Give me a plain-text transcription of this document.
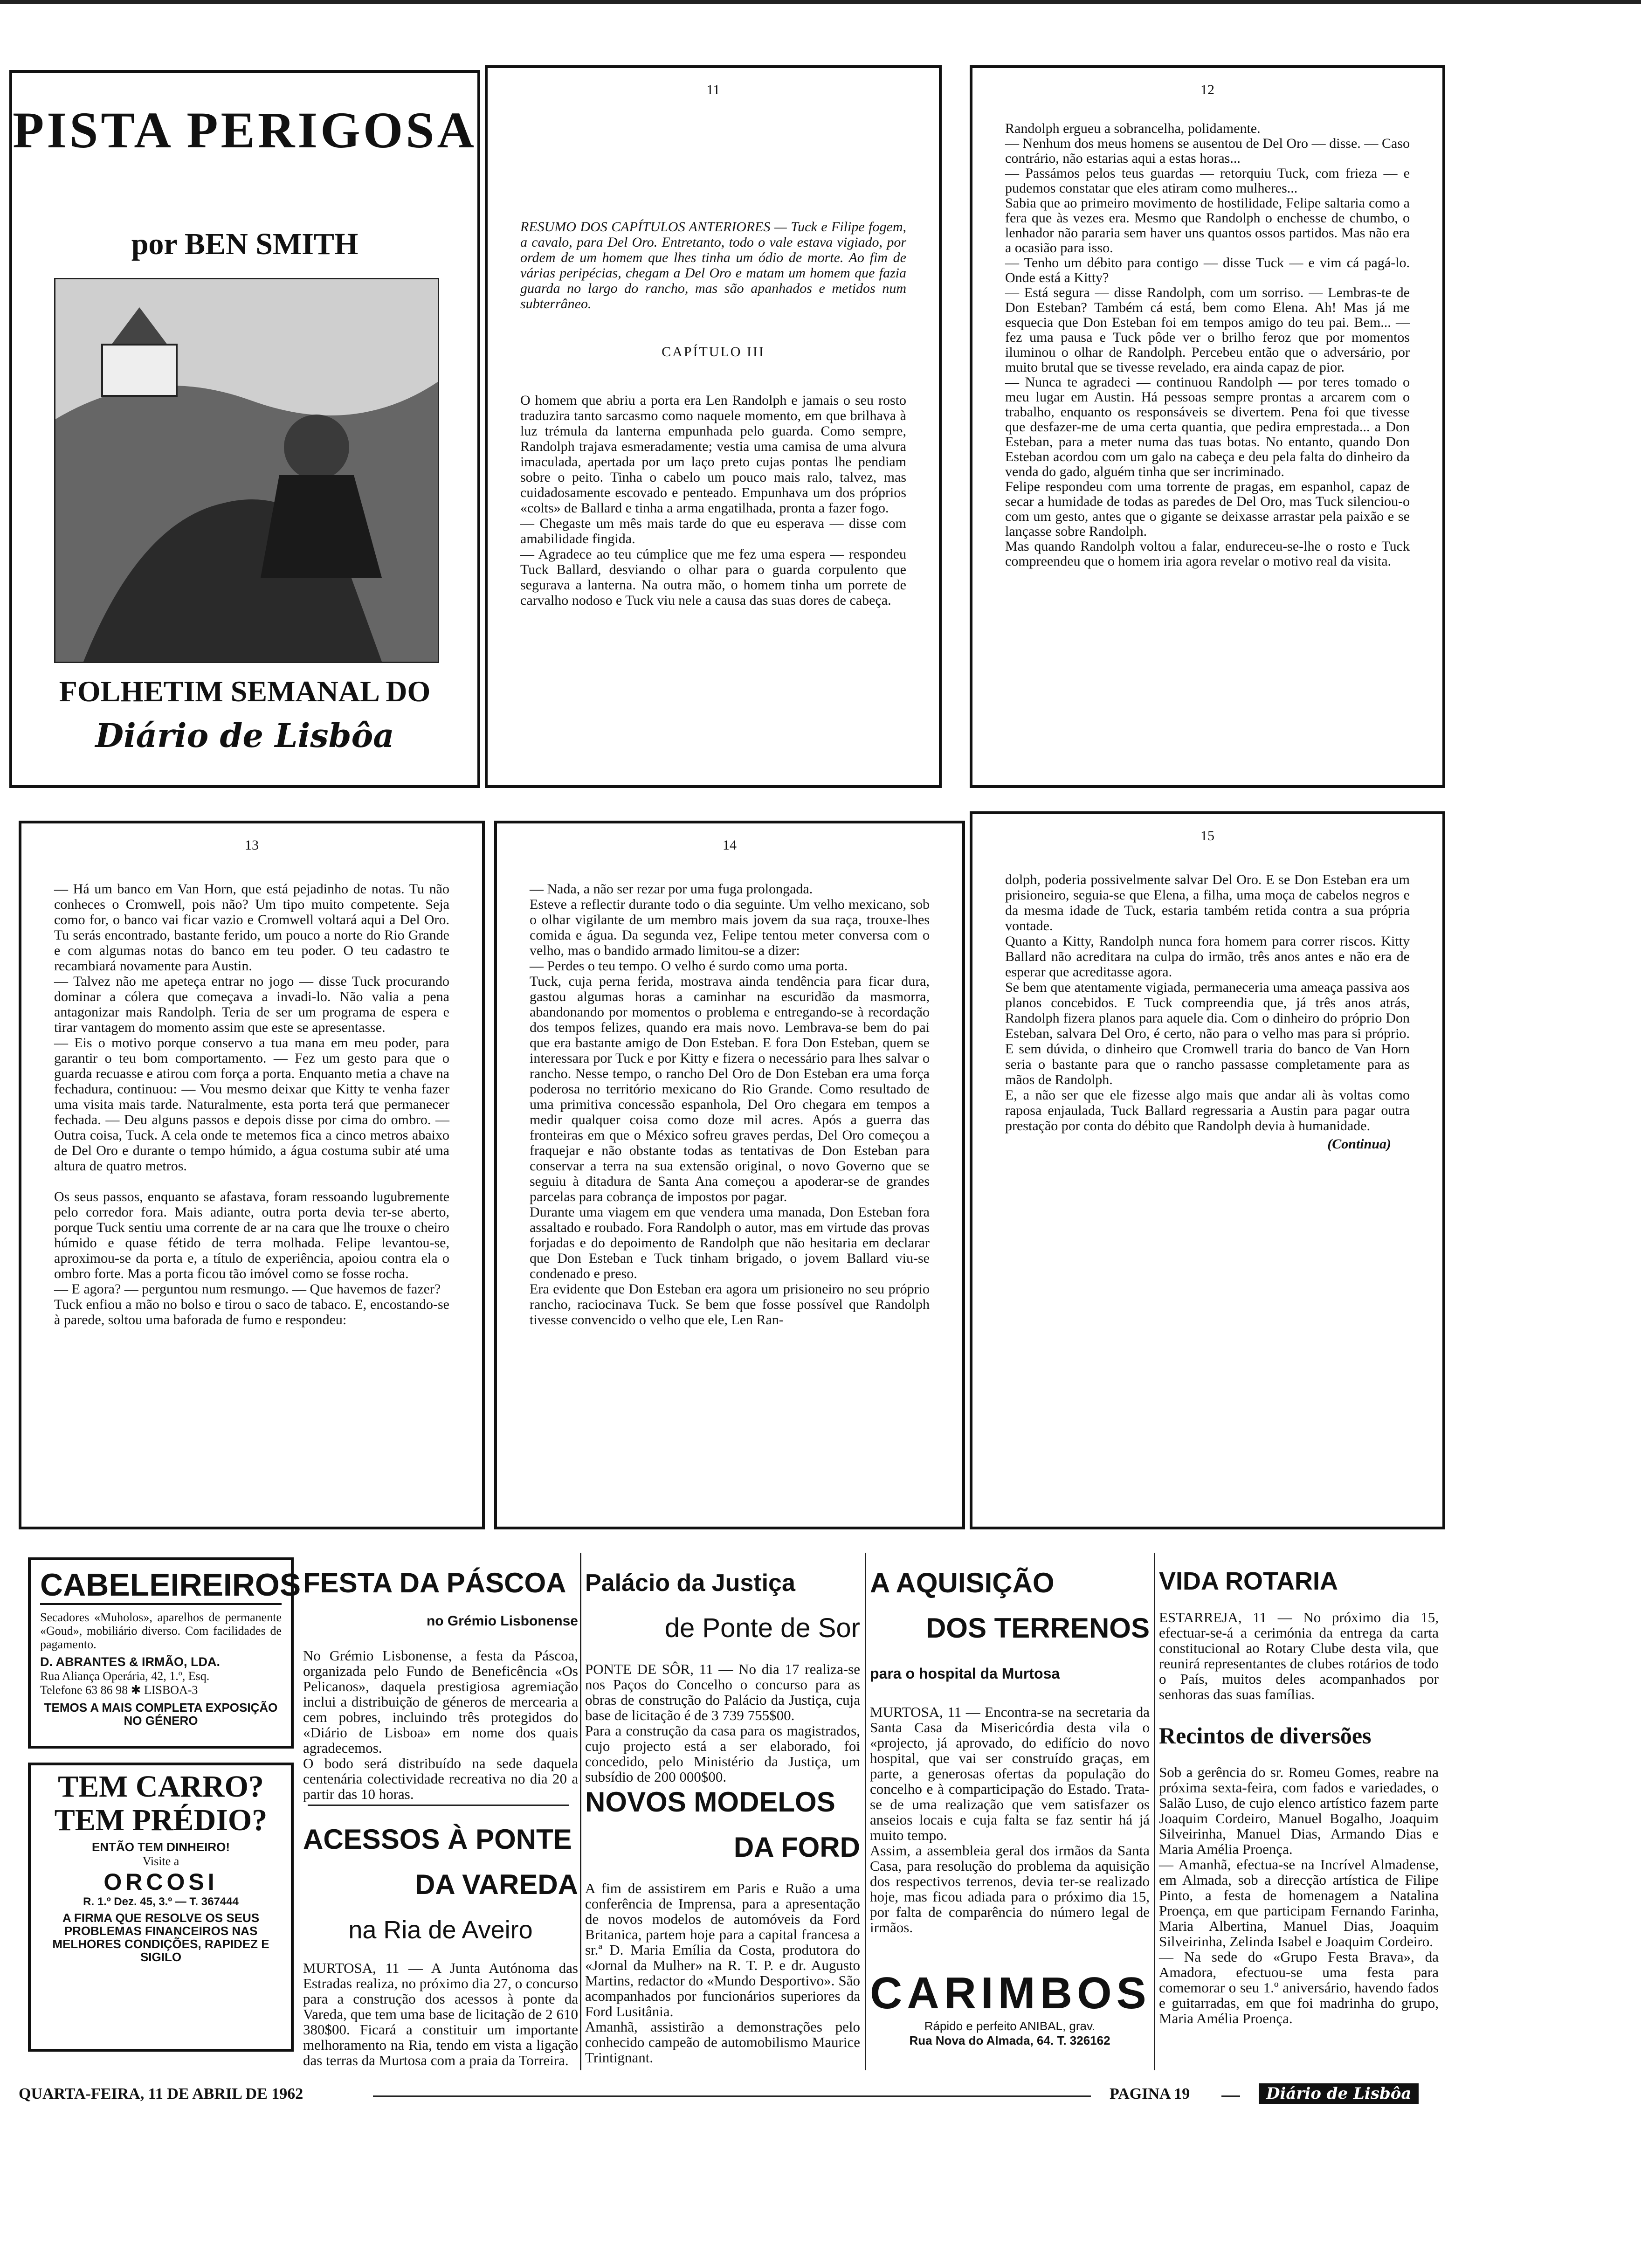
PISTA PERIGOSA
por BEN SMITH
FOLHETIM SEMANAL DO
Diário de Lisbôa
11
RESUMO DOS CAPÍTULOS ANTERIORES — Tuck e Filipe fogem, a cavalo, para Del Oro. Entretanto, todo o vale estava vigiado, por ordem de um homem que lhes tinha um ódio de morte. Ao fim de várias peripécias, chegam a Del Oro e matam um homem que fazia guarda no largo do rancho, mas são apanhados e metidos num subterrâneo.
CAPÍTULO III
O homem que abriu a porta era Len Randolph e jamais o seu rosto traduzira tanto sarcasmo como naquele momento, em que brilhava à luz trémula da lanterna empunhada pelo guarda. Como sempre, Randolph trajava esmeradamente; vestia uma camisa de uma alvura imaculada, apertada por um laço preto cujas pontas lhe pendiam sobre o peito. Tinha o cabelo um pouco mais ralo, talvez, mas cuidadosamente escovado e penteado. Empunhava um dos próprios «colts» de Ballard e tinha a arma engatilhada, pronta a fazer fogo.
— Chegaste um mês mais tarde do que eu esperava — disse com amabilidade fingida.
— Agradece ao teu cúmplice que me fez uma espera — respondeu Tuck Ballard, desviando o olhar para o guarda corpulento que segurava a lanterna. Na outra mão, o homem tinha um porrete de carvalho nodoso e Tuck viu nele a causa das suas dores de cabeça.
12
Randolph ergueu a sobrancelha, polidamente.
— Nenhum dos meus homens se ausentou de Del Oro — disse. — Caso contrário, não estarias aqui a estas horas...
— Passámos pelos teus guardas — retorquiu Tuck, com frieza — e pudemos constatar que eles atiram como mulheres...
Sabia que ao primeiro movimento de hostilidade, Felipe saltaria como a fera que às vezes era. Mesmo que Randolph o enchesse de chumbo, o lenhador não pararia sem haver uns quantos ossos partidos. Mas não era a ocasião para isso.
— Tenho um débito para contigo — disse Tuck — e vim cá pagá-lo. Onde está a Kitty?
— Está segura — disse Randolph, com um sorriso. — Lembras-te de Don Esteban? Também cá está, bem como Elena. Ah! Mas já me esquecia que Don Esteban foi em tempos amigo do teu pai. Bem... — fez uma pausa e Tuck pôde ver o brilho feroz que por momentos iluminou o olhar de Randolph. Percebeu então que o adversário, por muito brutal que se tivesse revelado, era ainda capaz de pior.
— Nunca te agradeci — continuou Randolph — por teres tomado o meu lugar em Austin. Há pessoas sempre prontas a arcarem com o trabalho, enquanto os responsáveis se divertem. Pena foi que tivesse que desfazer-me de uma certa quantia, que pedira emprestada... a Don Esteban, para a meter numa das tuas botas. No entanto, quando Don Esteban acordou com um galo na cabeça e deu pela falta do dinheiro da venda do gado, alguém tinha que ser incriminado.
Felipe respondeu com uma torrente de pragas, em espanhol, capaz de secar a humidade de todas as paredes de Del Oro, mas Tuck silenciou-o com um gesto, antes que o gigante se deixasse arrastar pela paixão e se lançasse sobre Randolph.
Mas quando Randolph voltou a falar, endureceu-se-lhe o rosto e Tuck compreendeu que o homem iria agora revelar o motivo real da visita.
13
— Há um banco em Van Horn, que está pejadinho de notas. Tu não conheces o Cromwell, pois não? Um tipo muito competente. Seja como for, o banco vai ficar vazio e Cromwell voltará aqui a Del Oro. Tu serás encontrado, bastante ferido, um pouco a norte do Rio Grande e com algumas notas do banco em teu poder. O teu cadastro te recambiará novamente para Austin.
— Talvez não me apeteça entrar no jogo — disse Tuck procurando dominar a cólera que começava a invadi-lo. Não valia a pena antagonizar mais Randolph. Teria de ser um programa de espera e tirar vantagem do momento assim que este se apresentasse.
— Eis o motivo porque conservo a tua mana em meu poder, para garantir o teu bom comportamento. — Fez um gesto para que o guarda recuasse e atirou com força a porta. Enquanto metia a chave na fechadura, continuou: — Vou mesmo deixar que Kitty te venha fazer uma visita mais tarde. Naturalmente, esta porta terá que permanecer fechada. — Deu alguns passos e depois disse por cima do ombro. — Outra coisa, Tuck. A cela onde te metemos fica a cinco metros abaixo de Del Oro e durante o tempo húmido, a água costuma subir até uma altura de quatro metros.

Os seus passos, enquanto se afastava, foram ressoando lugubremente pelo corredor fora. Mais adiante, outra porta devia ter-se aberto, porque Tuck sentiu uma corrente de ar na cara que lhe trouxe o cheiro húmido e quase fétido de terra molhada. Felipe levantou-se, aproximou-se da porta e, a título de experiência, apoiou contra ela o ombro forte. Mas a porta ficou tão imóvel como se fosse rocha.
— E agora? — perguntou num resmungo. — Que havemos de fazer?
Tuck enfiou a mão no bolso e tirou o saco de tabaco. E, encostando-se à parede, soltou uma baforada de fumo e respondeu:
14
— Nada, a não ser rezar por uma fuga prolongada.
Esteve a reflectir durante todo o dia seguinte. Um velho mexicano, sob o olhar vigilante de um membro mais jovem da sua raça, trouxe-lhes comida e água. Da segunda vez, Felipe tentou meter conversa com o velho, mas o bandido armado limitou-se a dizer:
— Perdes o teu tempo. O velho é surdo como uma porta.
Tuck, cuja perna ferida, mostrava ainda tendência para ficar dura, gastou algumas horas a caminhar na escuridão da masmorra, abandonando por momentos o problema e entregando-se à recordação dos tempos felizes, quando era mais novo. Lembrava-se bem do pai que era bastante amigo de Don Esteban. E fora Don Esteban, quem se interessara por Tuck e por Kitty e fizera o necessário para lhes salvar o rancho. Nesse tempo, o rancho Del Oro de Don Esteban era uma força poderosa no território mexicano do Rio Grande. Como resultado de uma primitiva concessão espanhola, Del Oro chegara em tempos a medir qualquer coisa como doze mil acres. Após a guerra das fronteiras em que o México sofreu graves perdas, Del Oro começou a fraquejar e não obstante todas as tentativas de Don Esteban para conservar a terra na sua extensão original, o novo Governo que se seguiu à ditadura de Santa Ana começou a apoderar-se de grandes parcelas para cobrança de impostos por pagar.
Durante uma viagem em que vendera uma manada, Don Esteban fora assaltado e roubado. Fora Randolph o autor, mas em virtude das provas forjadas e do depoimento de Randolph que não hesitaria em declarar que Don Esteban e Tuck tinham brigado, o jovem Ballard viu-se condenado e preso.
Era evidente que Don Esteban era agora um prisioneiro no seu próprio rancho, raciocinava Tuck. Se bem que fosse possível que Randolph tivesse convencido o velho que ele, Len Ran-
15
dolph, poderia possivelmente salvar Del Oro. E se Don Esteban era um prisioneiro, seguia-se que Elena, a filha, uma moça de cabelos negros e da mesma idade de Tuck, estaria também retida contra a sua própria vontade.
Quanto a Kitty, Randolph nunca fora homem para correr riscos. Kitty Ballard não acreditara na culpa do irmão, três anos antes e não era de esperar que acreditasse agora.
Se bem que atentamente vigiada, permaneceria uma ameaça passiva aos planos concebidos. E Tuck compreendia que, já três anos atrás, Randolph fizera planos para aquele dia. Com o dinheiro do próprio Don Esteban, salvara Del Oro, é certo, não para o velho mas para si próprio. E sem dúvida, o dinheiro que Cromwell traria do banco de Van Horn seria o bastante para que o rancho passasse completamente para as mãos de Randolph.
E, a não ser que ele fizesse algo mais que andar ali às voltas como raposa enjaulada, Tuck Ballard regressaria a Austin para pagar outra prestação por conta do débito que Randolph devia à humanidade.
(Continua)
CABELEIREIROS
Secadores «Muholos», aparelhos de permanente «Goud», mobiliário diverso. Com facilidades de pagamento.
D. ABRANTES & IRMÃO, LDA.
Rua Aliança Operária, 42, 1.º, Esq.
Telefone 63 86 98 ✱ LISBOA-3
TEMOS A MAIS COMPLETA EXPOSIÇÃO NO GÉNERO
TEM CARRO?
TEM PRÉDIO?
ENTÃO TEM DINHEIRO!
Visite a
ORCOSI
R. 1.º Dez. 45, 3.º — T. 367444
A FIRMA QUE RESOLVE OS SEUS PROBLEMAS FINANCEIROS NAS MELHORES CONDIÇÕES, RAPIDEZ E SIGILO

FESTA DA PÁSCOA

no Grémio Lisbonense

No Grémio Lisbonense, a festa da Páscoa, organizada pelo Fundo de Beneficência «Os Pelicanos», daquela prestigiosa agremiação inclui a distribuição de géneros de mercearia a cem pobres, incluindo três protegidos do «Diário de Lisboa» em nome dos quais agradecemos.
O bodo será distribuído na sede daquela centenária colectividade recreativa no dia 20 a partir das 10 horas.

ACESSOS À PONTE

DA VAREDA

na Ria de Aveiro

MURTOSA, 11 — A Junta Autónoma das Estradas realiza, no próximo dia 27, o concurso para a construção dos acessos à ponte da Vareda, que tem uma base de licitação de 2 610 380$00. Ficará a constituir um importante melhoramento na Ria, tendo em vista a ligação das terras da Murtosa com a praia da Torreira.

Palácio da Justiça

de Ponte de Sor

PONTE DE SÔR, 11 — No dia 17 realiza-se nos Paços do Concelho o concurso para as obras de construção do Palácio da Justiça, cuja base de licitação é de 3 739 755$00.
Para a construção da casa para os magistrados, cujo projecto está a ser elaborado, foi concedido, pelo Ministério da Justiça, um subsídio de 200 000$00.

NOVOS MODELOS

DA FORD

A fim de assistirem em Paris e Ruão a uma conferência de Imprensa, para a apresentação de novos modelos de automóveis da Ford Britanica, partem hoje para a capital francesa a sr.ª D. Maria Emília da Costa, produtora do «Jornal da Mulher» na R. T. P. e dr. Augusto Martins, redactor do «Mundo Desportivo». São acompanhados por funcionários superiores da Ford Lusitânia.
Amanhã, assistirão a demonstrações pelo conhecido campeão de automobilismo Maurice Trintignant.

A AQUISIÇÃO

DOS TERRENOS

para o hospital da Murtosa

MURTOSA, 11 — Encontra-se na secretaria da Santa Casa da Misericórdia desta vila o «projecto, já aprovado, do edifício do novo hospital, que vai ser construído graças, em parte, a generosas ofertas da população do concelho e à comparticipação do Estado. Trata-se de uma realização que vem satisfazer os anseios locais e cuja falta se faz sentir há já muito tempo.
Assim, a assembleia geral dos irmãos da Santa Casa, para resolução do problema da aquisição dos respectivos terrenos, devia ter-se realizado hoje, mas ficou adiada para o próximo dia 15, por falta de comparência do número legal de irmãos.

CARIMBOS
Rápido e perfeito ANIBAL, grav.
Rua Nova do Almada, 64. T. 326162

VIDA ROTARIA

ESTARREJA, 11 — No próximo dia 15, efectuar-se-á a cerimónia da entrega da carta constitucional ao Rotary Clube desta vila, que reunirá representantes de clubes rotários de todo o País, muitos deles acompanhados por senhoras das suas famílias.

Recintos de diversões

Sob a gerência do sr. Romeu Gomes, reabre na próxima sexta-feira, com fados e variedades, o Salão Luso, de cujo elenco artístico fazem parte Joaquim Cordeiro, Manuel Bogalho, Joaquim Silveirinha, Manuel Dias, Armando Dias e Maria Amélia Proença.
— Amanhã, efectua-se na Incrível Almadense, em Almada, sob a direcção artística de Filipe Pinto, a festa de homenagem a Natalina Proença, em que participam Fernando Farinha, Maria Albertina, Manuel Dias, Joaquim Silveirinha, Zelinda Isabel e Joaquim Cordeiro.
— Na sede do «Grupo Festa Brava», da Amadora, efectuou-se uma festa para comemorar o seu 1.º aniversário, havendo fados e guitarradas, em que foi madrinha do grupo, Maria Amélia Proença.

QUARTA-FEIRA, 11 DE ABRIL DE 1962	PAGINA 19	Diário de Lisbôa
